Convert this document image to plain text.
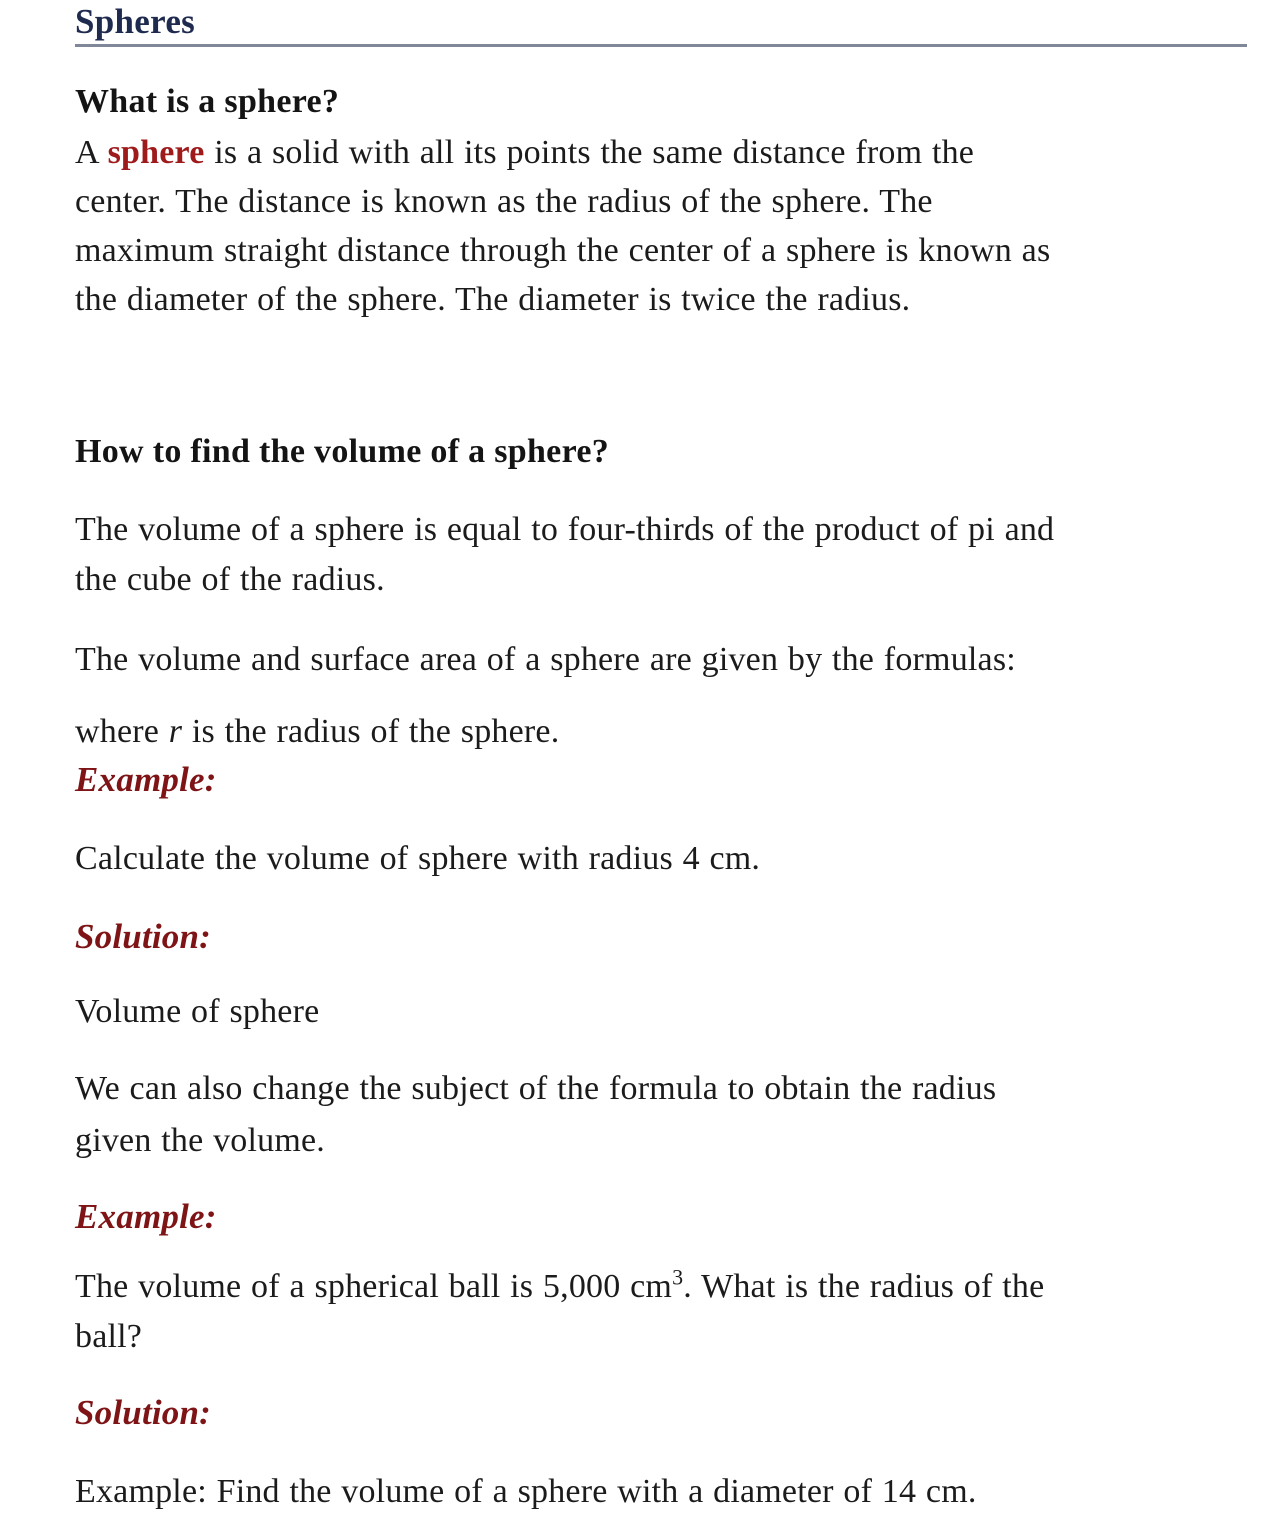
Spheres
What is a sphere?

A sphere is a solid with all its points the same distance from the
center. The distance is known as the radius of the sphere. The
maximum straight distance through the center of a sphere is known as
the diameter of the sphere. The diameter is twice the radius.

How to find the volume of a sphere?

The volume of a sphere is equal to four-thirds of the product of pi and
the cube of the radius.

The volume and surface area of a sphere are given by the formulas:

where r is the radius of the sphere.
Example:

Calculate the volume of sphere with radius 4 cm.

Solution:

Volume of sphere

We can also change the subject of the formula to obtain the radius
given the volume.

Example:

The volume of a spherical ball is 5,000 $cm^3$. What is the radius of the
ball?

Solution:

Example: Find the volume of a sphere with a diameter of 14 cm.
